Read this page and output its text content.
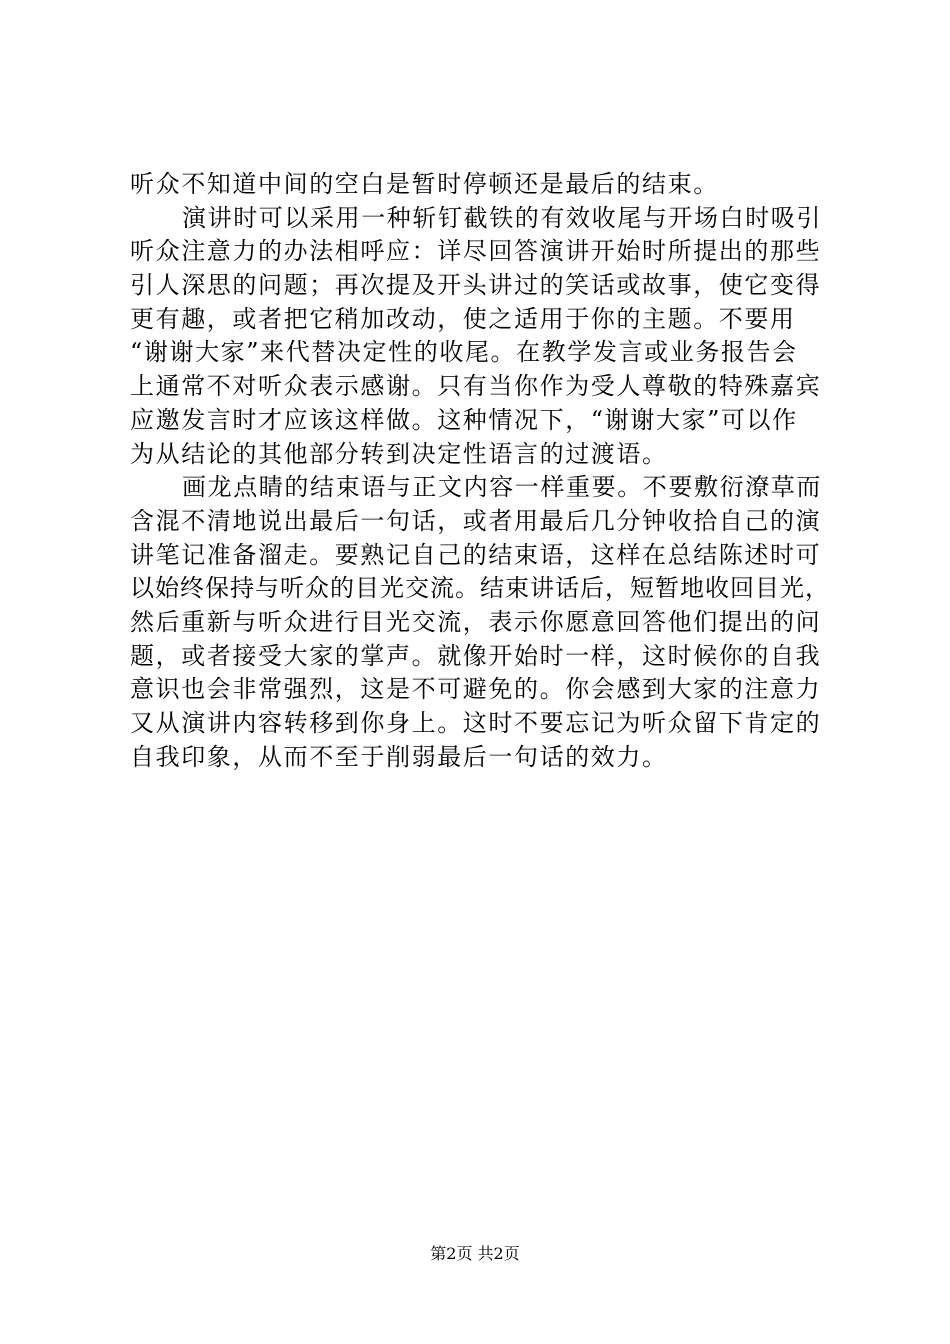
听众不知道中间的空白是暂时停顿还是最后的结束。
演讲时可以采用一种斩钉截铁的有效收尾与开场白时吸引
听众注意力的办法相呼应：详尽回答演讲开始时所提出的那些
引人深思的问题；再次提及开头讲过的笑话或故事，使它变得
更有趣，或者把它稍加改动，使之适用于你的主题。不要用
“谢谢大家”来代替决定性的收尾。在教学发言或业务报告会
上通常不对听众表示感谢。只有当你作为受人尊敬的特殊嘉宾
应邀发言时才应该这样做。这种情况下，“谢谢大家”可以作
为从结论的其他部分转到决定性语言的过渡语。
画龙点睛的结束语与正文内容一样重要。不要敷衍潦草而
含混不清地说出最后一句话，或者用最后几分钟收拾自己的演
讲笔记准备溜走。要熟记自己的结束语，这样在总结陈述时可
以始终保持与听众的目光交流。结束讲话后，短暂地收回目光，
然后重新与听众进行目光交流，表示你愿意回答他们提出的问
题，或者接受大家的掌声。就像开始时一样，这时候你的自我
意识也会非常强烈，这是不可避免的。你会感到大家的注意力
又从演讲内容转移到你身上。这时不要忘记为听众留下肯定的
自我印象，从而不至于削弱最后一句话的效力。
第2页 共2页
